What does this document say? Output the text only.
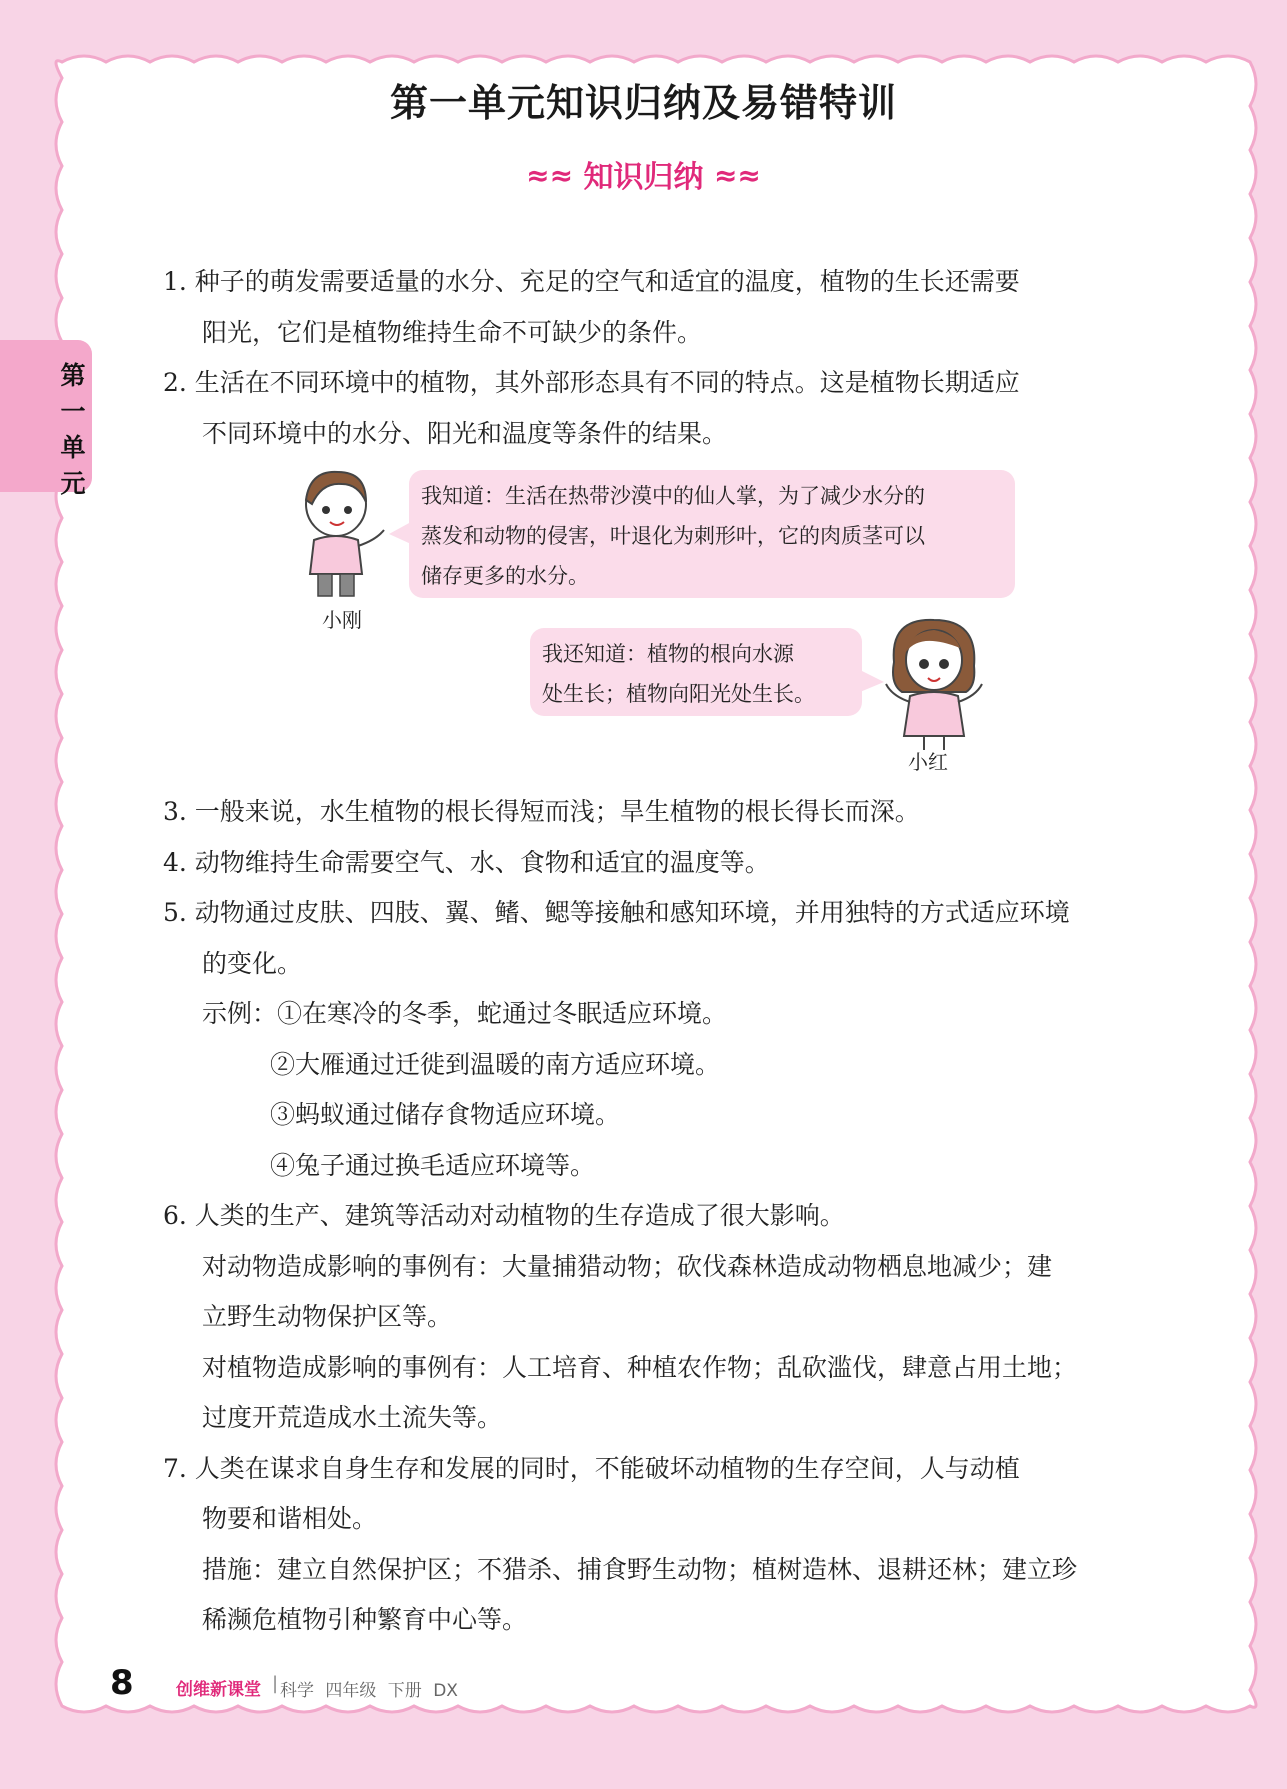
第
一
单
元
第一单元知识归纳及易错特训
≈≈ 知识归纳 ≈≈
1. 种子的萌发需要适量的水分、充足的空气和适宜的温度，植物的生长还需要
阳光，它们是植物维持生命不可缺少的条件。
2. 生活在不同环境中的植物，其外部形态具有不同的特点。这是植物长期适应
不同环境中的水分、阳光和温度等条件的结果。
小刚
我知道：生活在热带沙漠中的仙人掌，为了减少水分的
蒸发和动物的侵害，叶退化为刺形叶，它的肉质茎可以
储存更多的水分。
我还知道：植物的根向水源
处生长；植物向阳光处生长。
小红
3. 一般来说，水生植物的根长得短而浅；旱生植物的根长得长而深。
4. 动物维持生命需要空气、水、食物和适宜的温度等。
5. 动物通过皮肤、四肢、翼、鳍、鳃等接触和感知环境，并用独特的方式适应环境
的变化。
示例：①在寒冷的冬季，蛇通过冬眠适应环境。
②大雁通过迁徙到温暖的南方适应环境。
③蚂蚁通过储存食物适应环境。
④兔子通过换毛适应环境等。
6. 人类的生产、建筑等活动对动植物的生存造成了很大影响。
对动物造成影响的事例有：大量捕猎动物；砍伐森林造成动物栖息地减少；建
立野生动物保护区等。
对植物造成影响的事例有：人工培育、种植农作物；乱砍滥伐，肆意占用土地；
过度开荒造成水土流失等。
7. 人类在谋求自身生存和发展的同时，不能破坏动植物的生存空间，人与动植
物要和谐相处。
措施：建立自然保护区；不猎杀、捕食野生动物；植树造林、退耕还林；建立珍
稀濒危植物引种繁育中心等。
8 创维新课堂 | 科学 四年级 下册 DX
